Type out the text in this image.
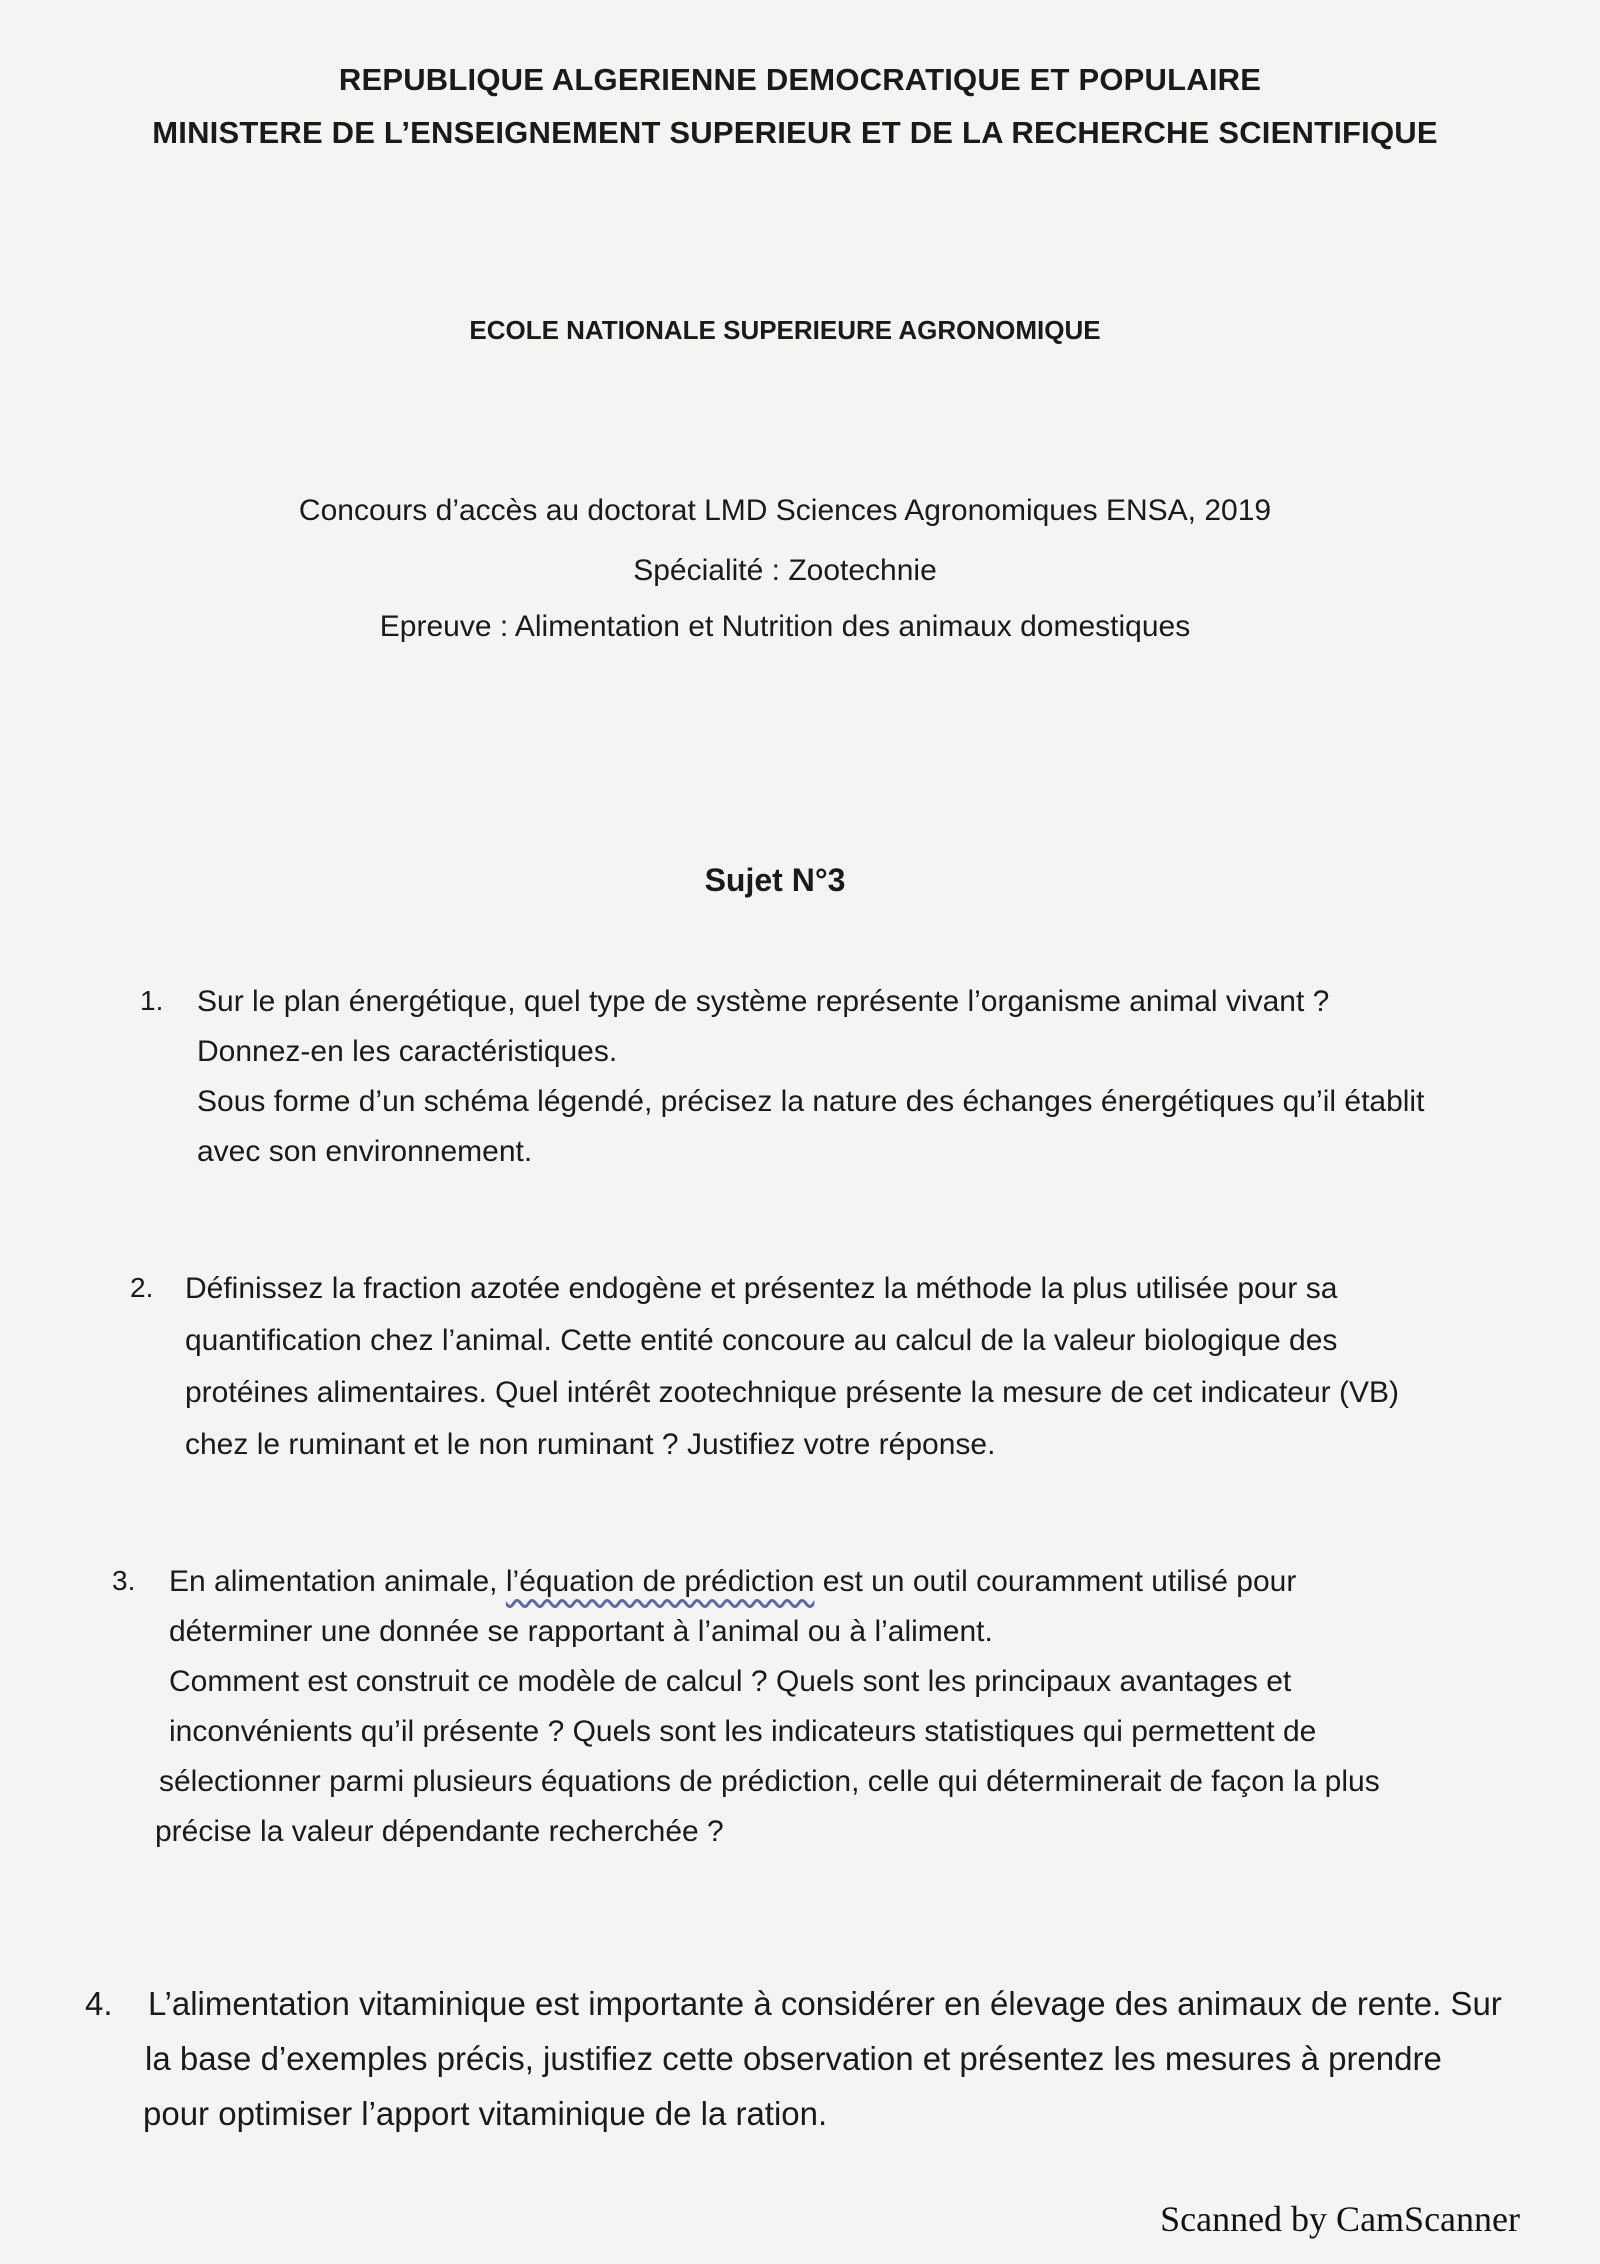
REPUBLIQUE ALGERIENNE DEMOCRATIQUE ET POPULAIRE
MINISTERE DE L’ENSEIGNEMENT SUPERIEUR ET DE LA RECHERCHE SCIENTIFIQUE
ECOLE NATIONALE SUPERIEURE AGRONOMIQUE
Concours d’accès au doctorat LMD Sciences Agronomiques ENSA, 2019
Spécialité : Zootechnie
Epreuve : Alimentation et Nutrition des animaux domestiques
Sujet N°3
1. Sur le plan énergétique, quel type de système représente l’organisme animal vivant ?
Donnez-en les caractéristiques.
Sous forme d’un schéma légendé, précisez la nature des échanges énergétiques qu’il établit
avec son environnement.
2. Définissez la fraction azotée endogène et présentez la méthode la plus utilisée pour sa
quantification chez l’animal. Cette entité concoure au calcul de la valeur biologique des
protéines alimentaires. Quel intérêt zootechnique présente la mesure de cet indicateur (VB)
chez le ruminant et le non ruminant ? Justifiez votre réponse.
3. En alimentation animale, l’équation de prédiction est un outil couramment utilisé pour
déterminer une donnée se rapportant à l’animal ou à l’aliment.
Comment est construit ce modèle de calcul ? Quels sont les principaux avantages et
inconvénients qu’il présente ? Quels sont les indicateurs statistiques qui permettent de
sélectionner parmi plusieurs équations de prédiction, celle qui déterminerait de façon la plus
précise la valeur dépendante recherchée ?
4. L’alimentation vitaminique est importante à considérer en élevage des animaux de rente. Sur
la base d’exemples précis, justifiez cette observation et présentez les mesures à prendre
pour optimiser l’apport vitaminique de la ration.
Scanned by CamScanner
